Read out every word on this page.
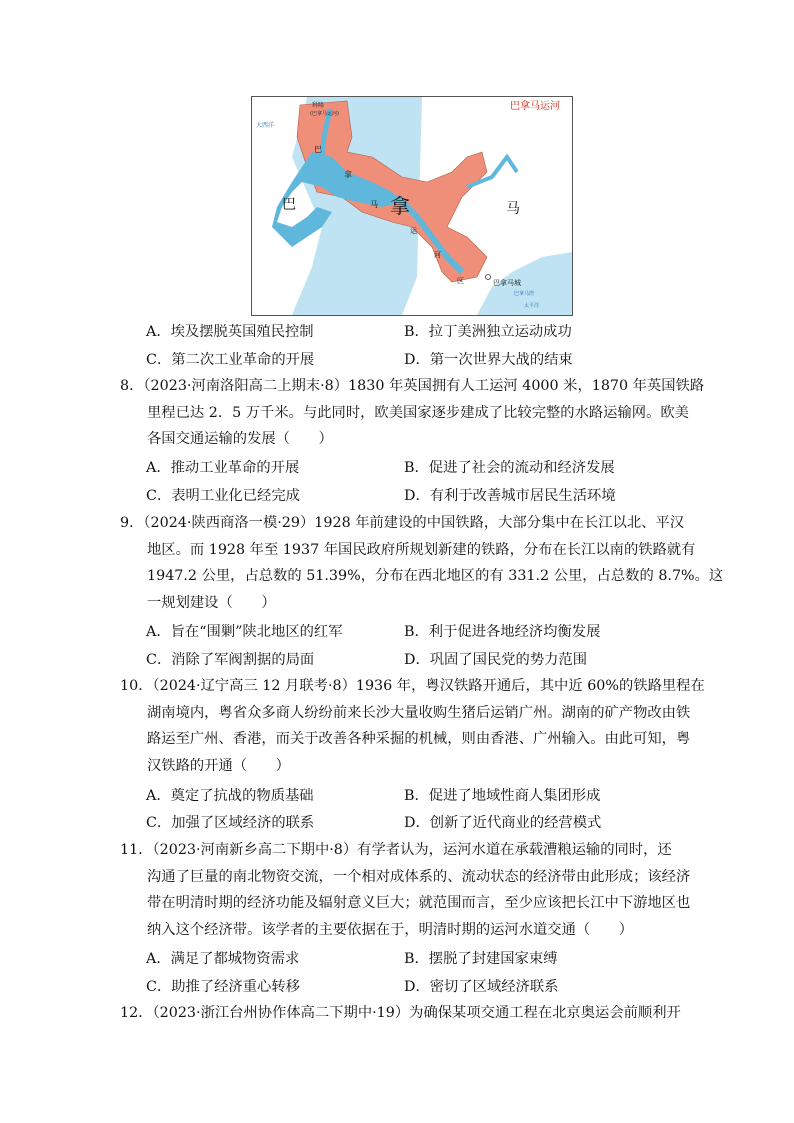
巴拿马运河
科隆
(巴拿马运河)
大西洋
巴
巴
拿
马 拿	马
运
河
区	巴拿马城
巴拿马湾
太平洋
A．埃及摆脱英国殖民控制	B．拉丁美洲独立运动成功
C．第二次工业革命的开展	D．第一次世界大战的结束
8．（2023·河南洛阳高二上期末·8）1830 年英国拥有人工运河 4000 米，1870 年英国铁路
里程已达 2．5 万千米。与此同时，欧美国家逐步建成了比较完整的水路运输网。欧美
各国交通运输的发展（　　）
A．推动工业革命的开展	B．促进了社会的流动和经济发展
C．表明工业化已经完成	D．有利于改善城市居民生活环境
9．（2024·陕西商洛一模·29）1928 年前建设的中国铁路，大部分集中在长江以北、平汉
地区。而 1928 年至 1937 年国民政府所规划新建的铁路，分布在长江以南的铁路就有
1947.2 公里，占总数的 51.39%，分布在西北地区的有 331.2 公里，占总数的 8.7%。这
一规划建设（　　）
A．旨在“围剿”陕北地区的红军	B．利于促进各地经济均衡发展
C．消除了军阀割据的局面	D．巩固了国民党的势力范围
10．（2024·辽宁高三 12 月联考·8）1936 年，粤汉铁路开通后，其中近 60%的铁路里程在
湖南境内，粤省众多商人纷纷前来长沙大量收购生猪后运销广州。湖南的矿产物改由铁
路运至广州、香港，而关于改善各种采掘的机械，则由香港、广州输入。由此可知，粤
汉铁路的开通（　　）
A．奠定了抗战的物质基础	B．促进了地域性商人集团形成
C．加强了区域经济的联系	D．创新了近代商业的经营模式
11．（2023·河南新乡高二下期中·8）有学者认为，运河水道在承载漕粮运输的同时，还
沟通了巨量的南北物资交流，一个相对成体系的、流动状态的经济带由此形成；该经济
带在明清时期的经济功能及辐射意义巨大；就范围而言，至少应该把长江中下游地区也
纳入这个经济带。该学者的主要依据在于，明清时期的运河水道交通（　　）
A．满足了都城物资需求	B．摆脱了封建国家束缚
C．助推了经济重心转移	D．密切了区域经济联系
12．（2023·浙江台州协作体高二下期中·19）为确保某项交通工程在北京奥运会前顺利开
